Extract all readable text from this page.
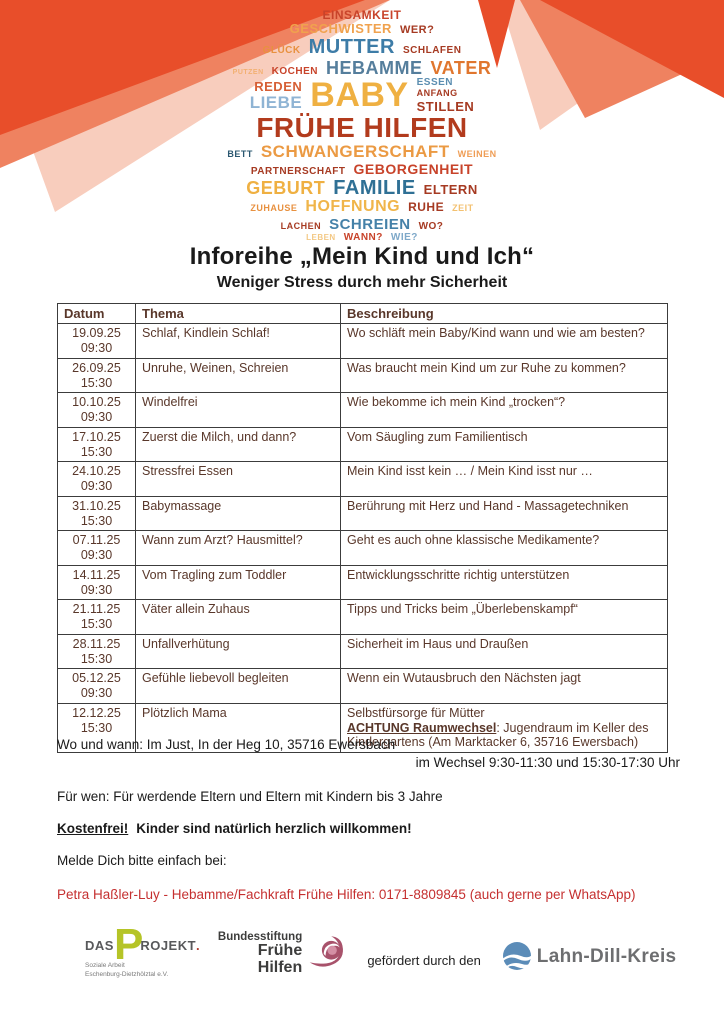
EINSAMKEIT
GESCHWISTER WER?
GLÜCK MUTTER SCHLAFEN
PUTZEN KOCHEN HEBAMME VATER
REDEN
LIEBE BABY ESSEN
ANFANG
STILLEN
FRÜHE HILFEN
BETT SCHWANGERSCHAFT WEINEN
PARTNERSCHAFT GEBORGENHEIT
GEBURT FAMILIE ELTERN
ZUHAUSE HOFFNUNG RUHE ZEIT
LACHEN SCHREIEN WO?
LEBEN WANN? WIE?
Inforeihe „Mein Kind und Ich“
Weniger Stress durch mehr Sicherheit
Datum	Thema	Beschreibung

19.09.25
09:30	Schlaf, Kindlein Schlaf!	Wo schläft mein Baby/Kind wann und wie am besten?

26.09.25
15:30	Unruhe, Weinen, Schreien	Was braucht mein Kind um zur Ruhe zu kommen?

10.10.25
09:30	Windelfrei	Wie bekomme ich mein Kind „trocken“?

17.10.25
15:30	Zuerst die Milch, und dann?	Vom Säugling zum Familientisch

24.10.25
09:30	Stressfrei Essen	Mein Kind isst kein … / Mein Kind isst nur …

31.10.25
15:30	Babymassage	Berührung mit Herz und Hand - Massagetechniken

07.11.25
09:30	Wann zum Arzt? Hausmittel?	Geht es auch ohne klassische Medikamente?

14.11.25
09:30	Vom Tragling zum Toddler	Entwicklungsschritte richtig unterstützen

21.11.25
15:30	Väter allein Zuhaus	Tipps und Tricks beim „Überlebenskampf“

28.11.25
15:30	Unfallverhütung	Sicherheit im Haus und Draußen

05.12.25
09:30	Gefühle liebevoll begleiten	Wenn ein Wutausbruch den Nächsten jagt

12.12.25
15:30
	Plötzlich Mama	Selbstfürsorge für Mütter
ACHTUNG Raumwechsel: Jugendraum im Keller des Kindergartens (Am Marktacker 6, 35716 Ewersbach)

Wo und wann: Im Just, In der Heg 10, 35716 Ewersbach

im Wechsel 9:30-11:30 und 15:30-17:30 Uhr

Für wen: Für werdende Eltern und Eltern mit Kindern bis 3 Jahre

Kostenfrei! Kinder sind natürlich herzlich willkommen!

Melde Dich bitte einfach bei:

Petra Haßler-Luy - Hebamme/Fachkraft Frühe Hilfen: 0171-8809845 (auch gerne per WhatsApp)

DAS P
ROJEKT .
Soziale Arbeit
Eschenburg-Dietzhölztal e.V.
Bundesstiftung
Frühe Hilfen	gefördert durch den	Lahn-Dill-Kreis
